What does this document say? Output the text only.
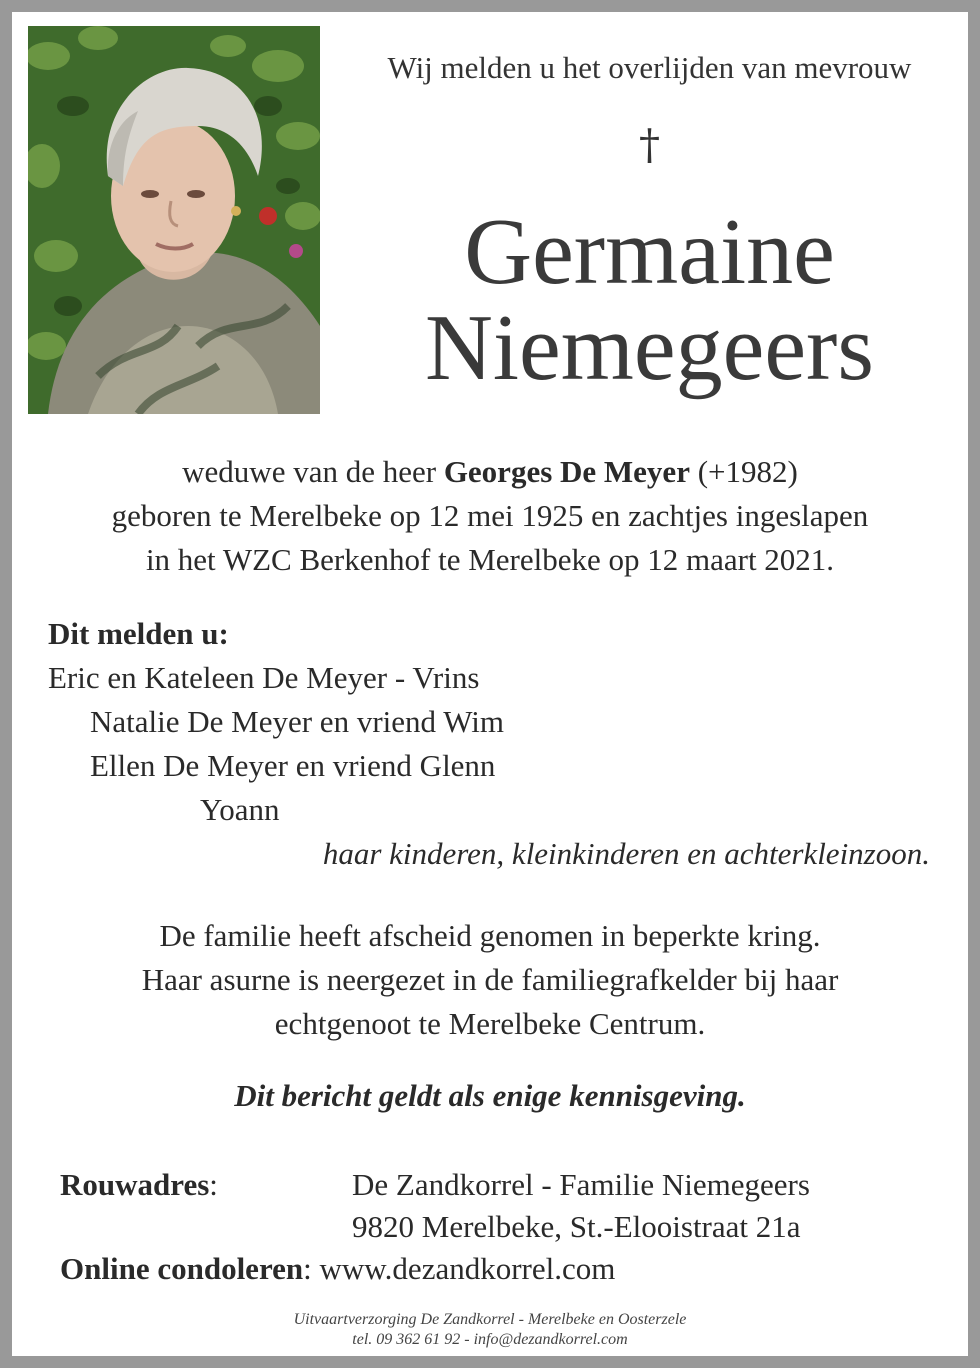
Wij melden u het overlijden van mevrouw
†
Germaine
Niemegeers
weduwe van de heer Georges De Meyer (+1982)
geboren te Merelbeke op 12 mei 1925 en zachtjes ingeslapen
in het WZC Berkenhof te Merelbeke op 12 maart 2021.
Dit melden u:
Eric en Kateleen De Meyer - Vrins
Natalie De Meyer en vriend Wim
Ellen De Meyer en vriend Glenn
Yoann
haar kinderen, kleinkinderen en achterkleinzoon.
De familie heeft afscheid genomen in beperkte kring.
Haar asurne is neergezet in de familiegrafkelder bij haar
echtgenoot te Merelbeke Centrum.
Dit bericht geldt als enige kennisgeving.
Rouwadres:	De Zandkorrel - Familie Niemegeers
9820 Merelbeke, St.-Elooistraat 21a
Online condoleren: www.dezandkorrel.com
Uitvaartverzorging De Zandkorrel - Merelbeke en Oosterzele
tel. 09 362 61 92 - info@dezandkorrel.com
